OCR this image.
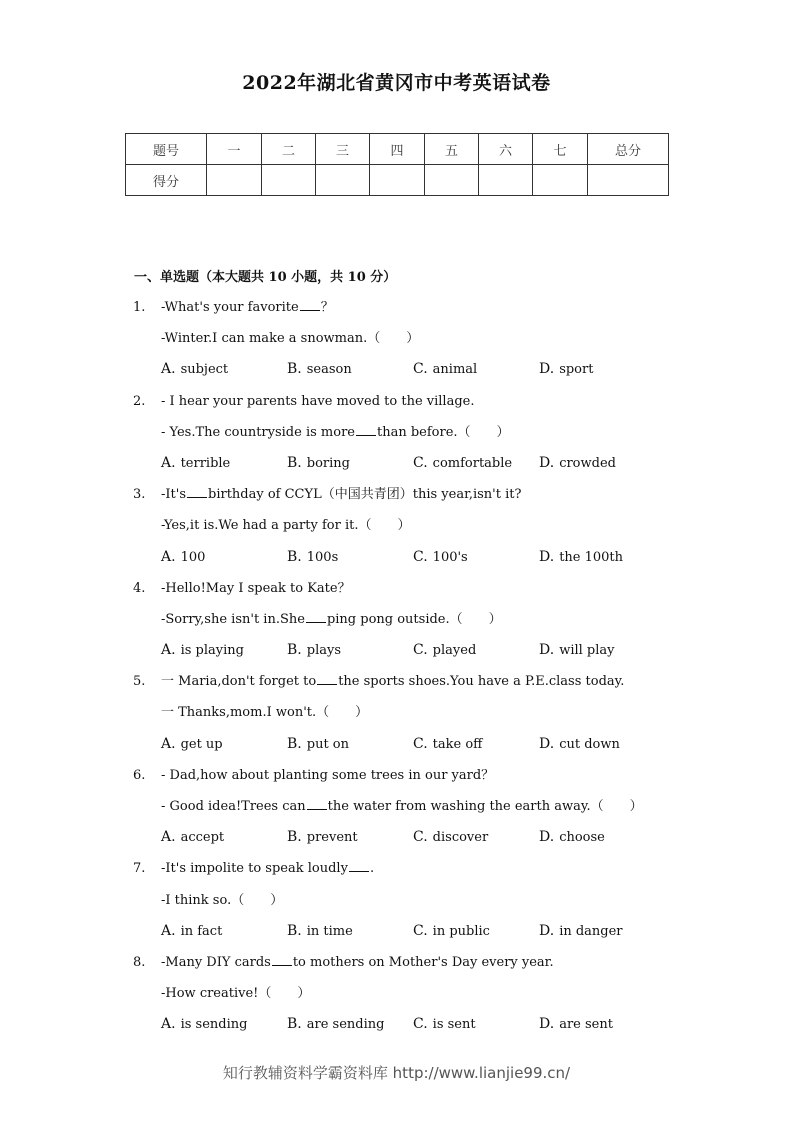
2022年湖北省黄冈市中考英语试卷
题号	一	二	三	四	五	六	七	总分
得分								
一、单选题（本大题共 10 小题，共 10 分）
1. -What's your favorite ？
-Winter.I can make a snowman.（　　）
A. subject	B. season	C. animal	D. sport
2. - I hear your parents have moved to the village.
- Yes.The countryside is more than before.（　　）
A. terrible	B. boring	C. comfortable D. crowded
3. -It's birthday of CCYL（中国共青团）this year,isn't it?
-Yes,it is.We had a party for it.（　　）
A. 100	B. 100s	C. 100's	D. the 100th
4. -Hello!May I speak to Kate？
-Sorry,she isn't in.She ping pong outside.（　　）
A. is playing	B. plays	C. played	D. will play
5. 一 Maria,don't forget to the sports shoes.You have a P.E.class today.
一 Thanks,mom.I won't.（　　）
A. get up	B. put on	C. take off	D. cut down
6. - Dad,how about planting some trees in our yard？
- Good idea!Trees can the water from washing the earth away.（　　）
A. accept	B. prevent	C. discover	D. choose
7. -It's impolite to speak loudly .
-I think so.（　　）
A. in fact	B. in time	C. in public	D. in danger
8. -Many DIY cards to mothers on Mother's Day every year.
-How creative!（　　）
A. is sending	B. are sending C. is sent	D. are sent
知行教辅资料学霸资料库 http://www.lianjie99.cn/
